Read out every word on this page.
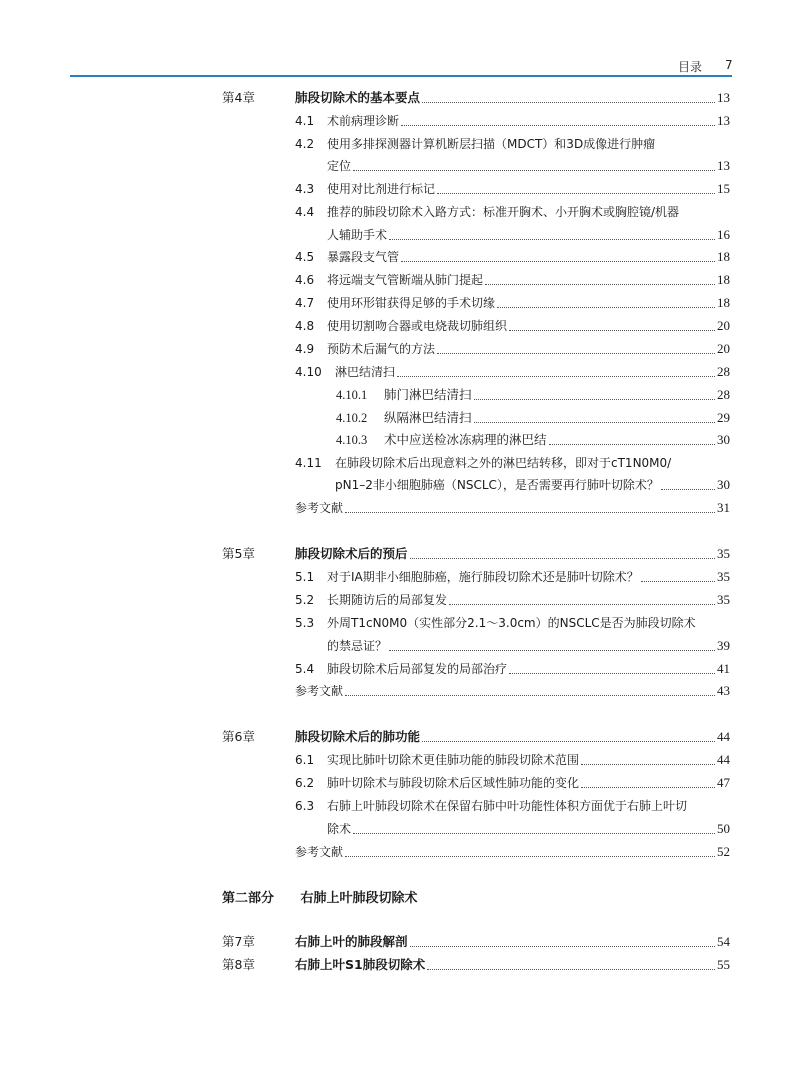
目录 7
第4章	肺段切除术的基本要点	13
4.1	术前病理诊断	13
4.2	使用多排探测器计算机断层扫描（MDCT）和3D成像进行肿瘤
定位	13
4.3	使用对比剂进行标记	15
4.4	推荐的肺段切除术入路方式：标准开胸术、小开胸术或胸腔镜/机器
人辅助手术	16
4.5	暴露段支气管	18
4.6	将远端支气管断端从肺门提起	18
4.7	使用环形钳获得足够的手术切缘	18
4.8	使用切割吻合器或电烧裁切肺组织	20
4.9	预防术后漏气的方法	20
4.10	淋巴结清扫	28
4.10.1	肺门淋巴结清扫	28
4.10.2	纵隔淋巴结清扫	29
4.10.3	术中应送检冰冻病理的淋巴结	30
4.11	在肺段切除术后出现意料之外的淋巴结转移，即对于cT1N0M0/
pN1–2非小细胞肺癌（NSCLC），是否需要再行肺叶切除术？	30
参考文献	31
第5章	肺段切除术后的预后	35
5.1	对于ⅠA期非小细胞肺癌，施行肺段切除术还是肺叶切除术？	35
5.2	长期随访后的局部复发	35
5.3	外周T1cN0M0（实性部分2.1～3.0cm）的NSCLC是否为肺段切除术
的禁忌证？	39
5.4	肺段切除术后局部复发的局部治疗	41
参考文献	43
第6章	肺段切除术后的肺功能	44
6.1	实现比肺叶切除术更佳肺功能的肺段切除术范围	44
6.2	肺叶切除术与肺段切除术后区域性肺功能的变化	47
6.3	右肺上叶肺段切除术在保留右肺中叶功能性体积方面优于右肺上叶切
除术	50
参考文献	52
第二部分 右肺上叶肺段切除术
第7章	右肺上叶的肺段解剖	54
第8章	右肺上叶S1肺段切除术	55
